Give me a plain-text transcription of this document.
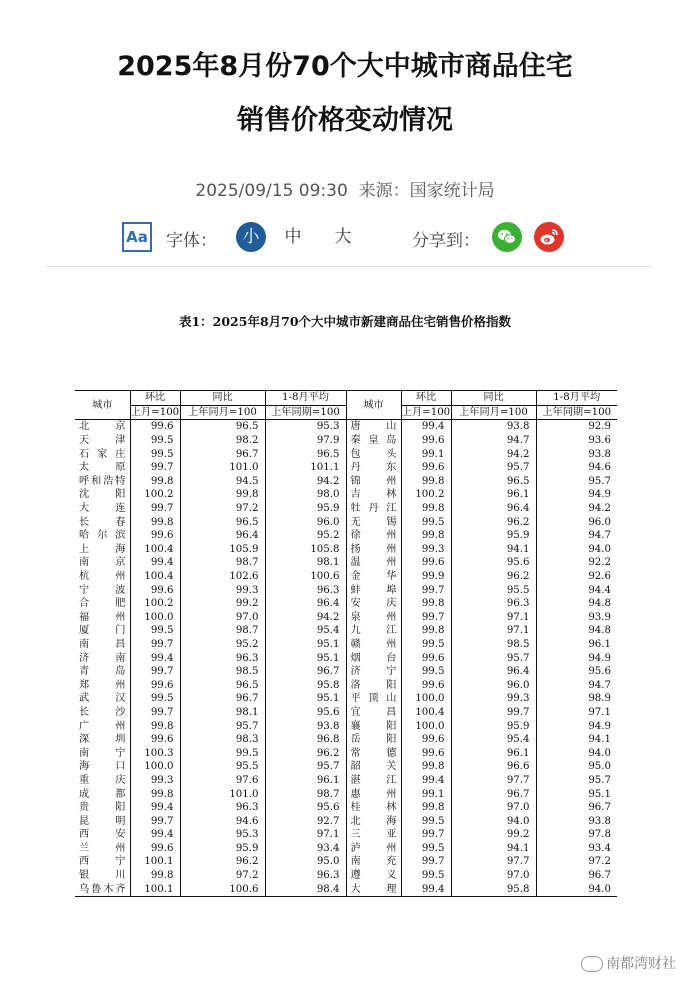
2025年8月份70个大中城市商品住宅
销售价格变动情况
2025/09/15 09:30  来源：国家统计局
Aa 字体：	小	中	大	分享到：
表1：2025年8月70个大中城市新建商品住宅销售价格指数
城市	环比	同比	1-8月平均	城市	环比	同比	1-8月平均
	上月=100	上年同月=100	上年同期=100		上月=100	上年同月=100	上年同期=100
北京	99.6	96.5	95.3	唐山	99.4	93.8	92.9
天津	99.5	98.2	97.9	秦皇岛	99.6	94.7	93.6
石家庄	99.5	96.7	96.5	包头	99.1	94.2	93.8
太原	99.7	101.0	101.1	丹东	99.6	95.7	94.6
呼和浩特	99.8	94.5	94.2	锦州	99.8	96.5	95.7
沈阳	100.2	99.8	98.0	吉林	100.2	96.1	94.9
大连	99.7	97.2	95.9	牡丹江	99.8	96.4	94.2
长春	99.8	96.5	96.0	无锡	99.5	96.2	96.0
哈尔滨	99.6	96.4	95.2	徐州	99.8	95.9	94.7
上海	100.4	105.9	105.8	扬州	99.3	94.1	94.0
南京	99.4	98.7	98.1	温州	99.6	95.6	92.2
杭州	100.4	102.6	100.6	金华	99.9	96.2	92.6
宁波	99.6	99.3	96.3	蚌埠	99.7	95.5	94.4
合肥	100.2	99.2	96.4	安庆	99.8	96.3	94.8
福州	100.0	97.0	94.2	泉州	99.7	97.1	93.9
厦门	99.5	98.7	95.4	九江	99.8	97.1	94.8
南昌	99.7	95.2	95.1	赣州	99.5	98.5	96.1
济南	99.4	96.3	95.1	烟台	99.6	95.7	94.9
青岛	99.7	98.5	96.7	济宁	99.5	96.4	95.6
郑州	99.6	96.5	95.8	洛阳	99.6	96.0	94.7
武汉	99.5	96.7	95.1	平顶山	100.0	99.3	98.9
长沙	99.7	98.1	95.6	宜昌	100.4	99.7	97.1
广州	99.8	95.7	93.8	襄阳	100.0	95.9	94.9
深圳	99.6	98.3	96.8	岳阳	99.6	95.4	94.1
南宁	100.3	99.5	96.2	常德	99.6	96.1	94.0
海口	100.0	95.5	95.7	韶关	99.8	96.6	95.0
重庆	99.3	97.6	96.1	湛江	99.4	97.7	95.7
成都	99.8	101.0	98.7	惠州	99.1	96.7	95.1
贵阳	99.4	96.3	95.6	桂林	99.8	97.0	96.7
昆明	99.7	94.6	92.7	北海	99.5	94.0	93.8
西安	99.4	95.3	97.1	三亚	99.7	99.2	97.8
兰州	99.6	95.9	93.4	泸州	99.5	94.1	93.4
西宁	100.1	96.2	95.0	南充	99.7	97.7	97.2
银川	99.8	97.2	96.3	遵义	99.5	97.0	96.7
乌鲁木齐	100.1	100.6	98.4	大理	99.4	95.8	94.0
南都湾财社
